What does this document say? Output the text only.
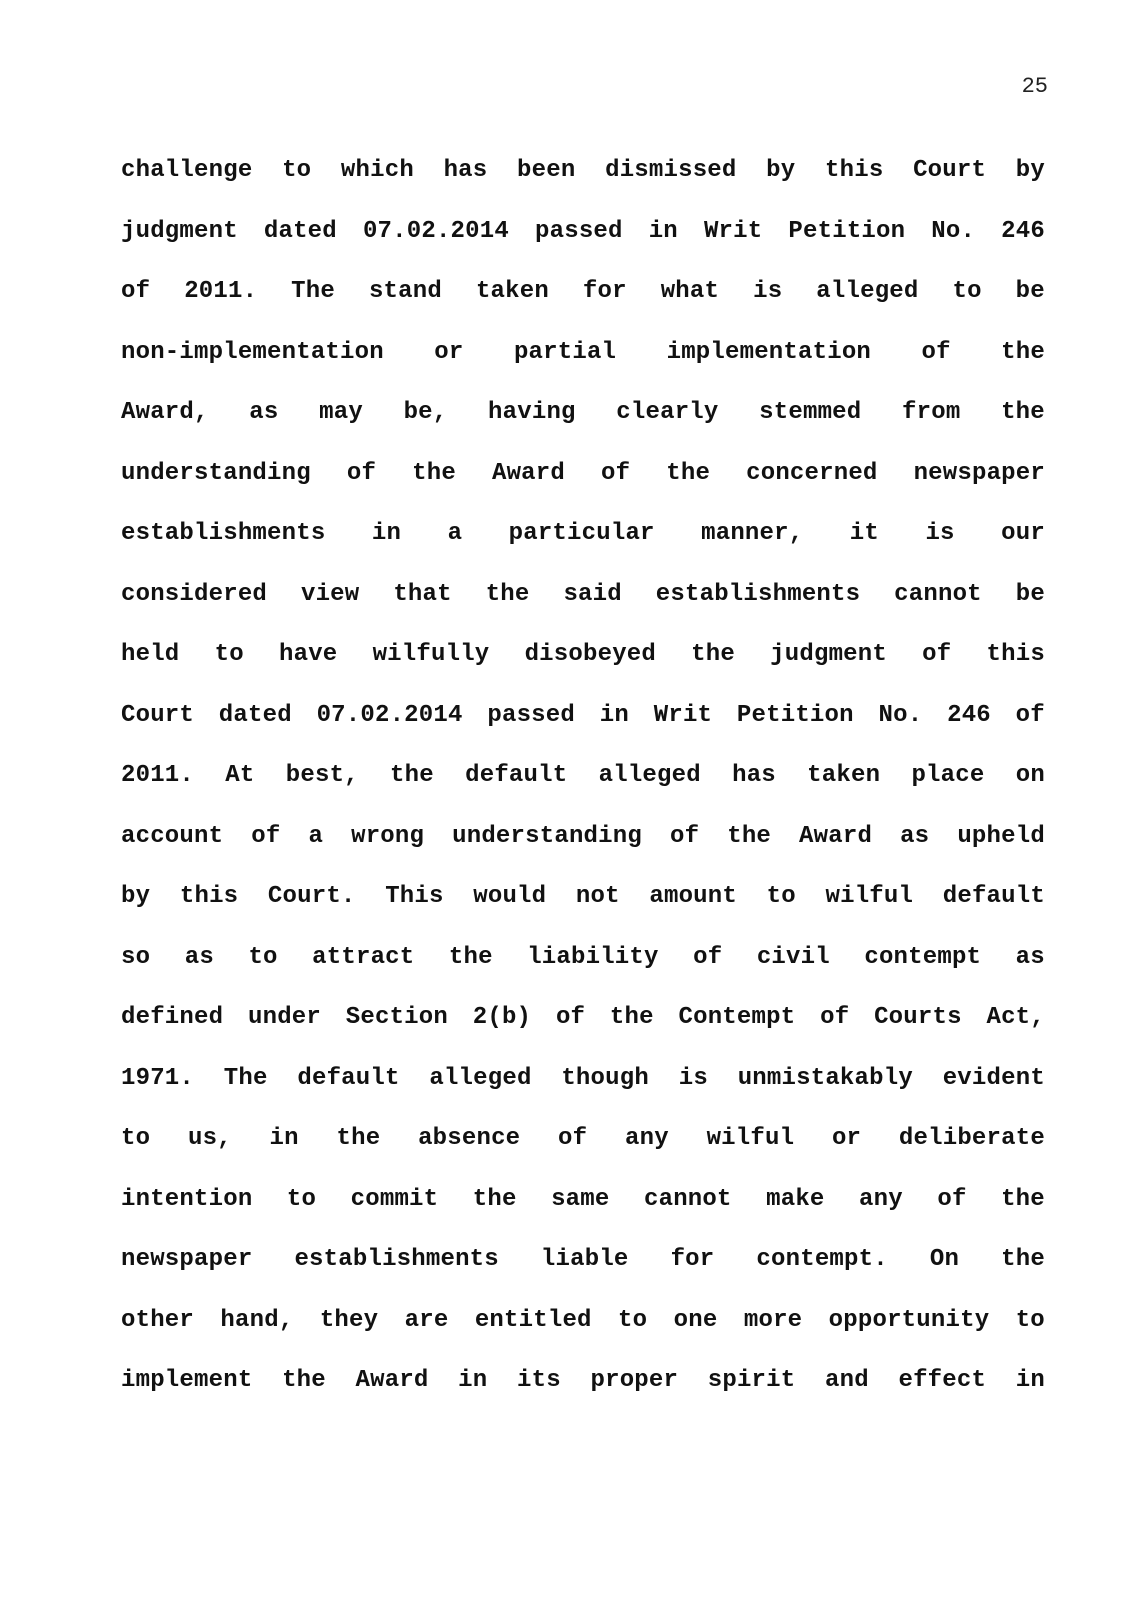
25
challenge to which has been dismissed by this Court by
judgment dated 07.02.2014 passed in Writ Petition No. 246
of 2011. The stand taken for what is alleged to be
non-implementation or partial implementation of the
Award, as may be, having clearly stemmed from the
understanding of the Award of the concerned newspaper
establishments in a particular manner, it is our
considered view that the said establishments cannot be
held to have wilfully disobeyed the judgment of this
Court dated 07.02.2014 passed in Writ Petition No. 246 of
2011. At best, the default alleged has taken place on
account of a wrong understanding of the Award as upheld
by this Court. This would not amount to wilful default
so as to attract the liability of civil contempt as
defined under Section 2(b) of the Contempt of Courts Act,
1971. The default alleged though is unmistakably evident
to us, in the absence of any wilful or deliberate
intention to commit the same cannot make any of the
newspaper establishments liable for contempt. On the
other hand, they are entitled to one more opportunity to
implement the Award in its proper spirit and effect in
